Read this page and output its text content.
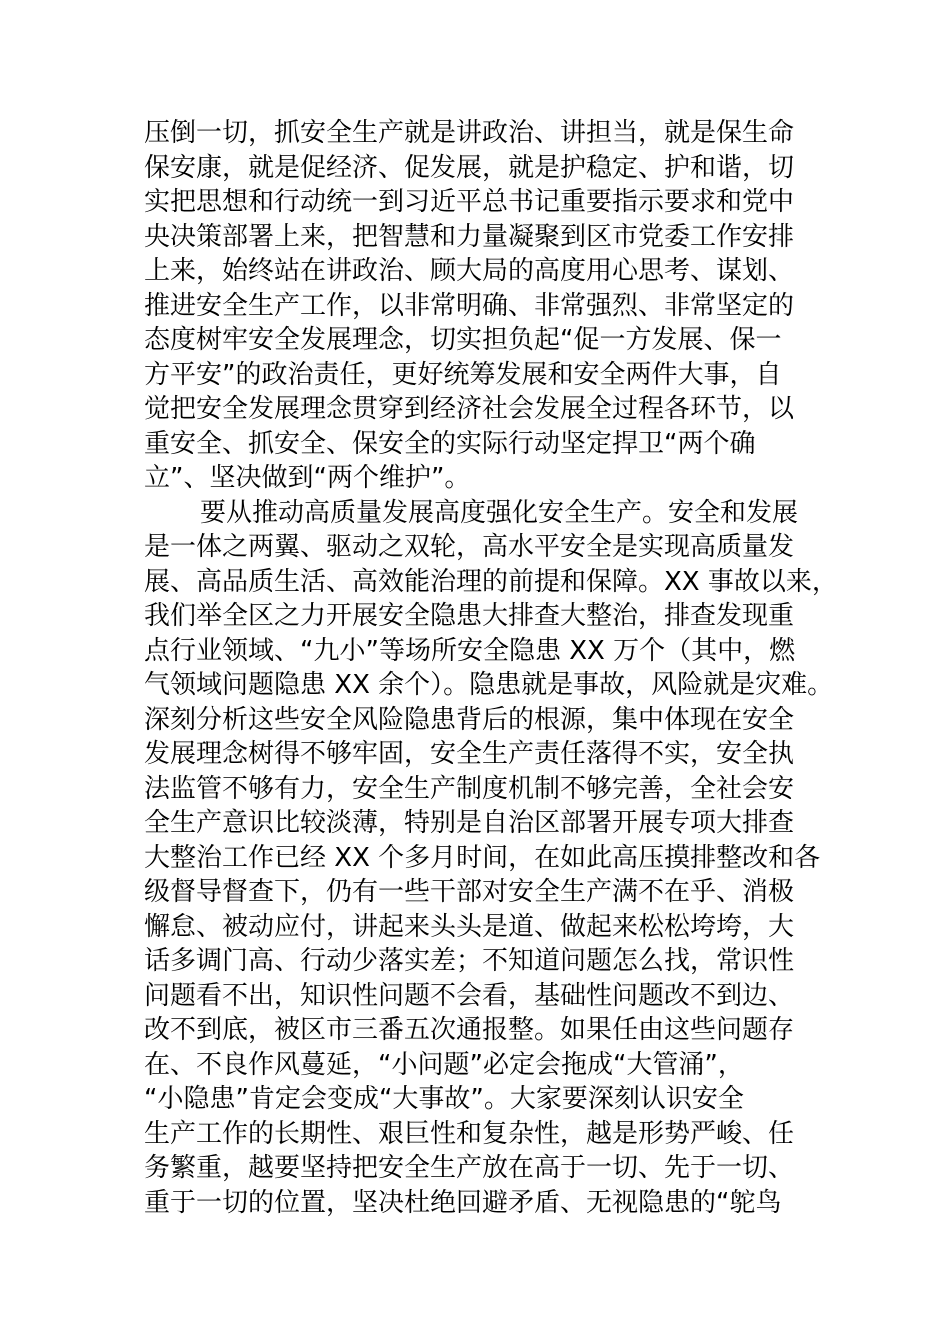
压倒一切，抓安全生产就是讲政治、讲担当，就是保生命
保安康，就是促经济、促发展，就是护稳定、护和谐，切
实把思想和行动统一到习近平总书记重要指示要求和党中
央决策部署上来，把智慧和力量凝聚到区市党委工作安排
上来，始终站在讲政治、顾大局的高度用心思考、谋划、
推进安全生产工作，以非常明确、非常强烈、非常坚定的
态度树牢安全发展理念，切实担负起“促一方发展、保一
方平安”的政治责任，更好统筹发展和安全两件大事，自
觉把安全发展理念贯穿到经济社会发展全过程各环节，以
重安全、抓安全、保安全的实际行动坚定捍卫“两个确
立”、坚决做到“两个维护”。
要从推动高质量发展高度强化安全生产。安全和发展
是一体之两翼、驱动之双轮，高水平安全是实现高质量发
展、高品质生活、高效能治理的前提和保障。XX 事故以来，
我们举全区之力开展安全隐患大排查大整治，排查发现重
点行业领域、“九小”等场所安全隐患 XX 万个（其中，燃
气领域问题隐患 XX 余个）。隐患就是事故，风险就是灾难。
深刻分析这些安全风险隐患背后的根源，集中体现在安全
发展理念树得不够牢固，安全生产责任落得不实，安全执
法监管不够有力，安全生产制度机制不够完善，全社会安
全生产意识比较淡薄，特别是自治区部署开展专项大排查
大整治工作已经 XX 个多月时间，在如此高压摸排整改和各
级督导督查下，仍有一些干部对安全生产满不在乎、消极
懈怠、被动应付，讲起来头头是道、做起来松松垮垮，大
话多调门高、行动少落实差；不知道问题怎么找，常识性
问题看不出，知识性问题不会看，基础性问题改不到边、
改不到底，被区市三番五次通报整。如果任由这些问题存
在、不良作风蔓延，“小问题”必定会拖成“大管涌”，
“小隐患”肯定会变成“大事故”。大家要深刻认识安全
生产工作的长期性、艰巨性和复杂性，越是形势严峻、任
务繁重，越要坚持把安全生产放在高于一切、先于一切、
重于一切的位置，坚决杜绝回避矛盾、无视隐患的“鸵鸟
